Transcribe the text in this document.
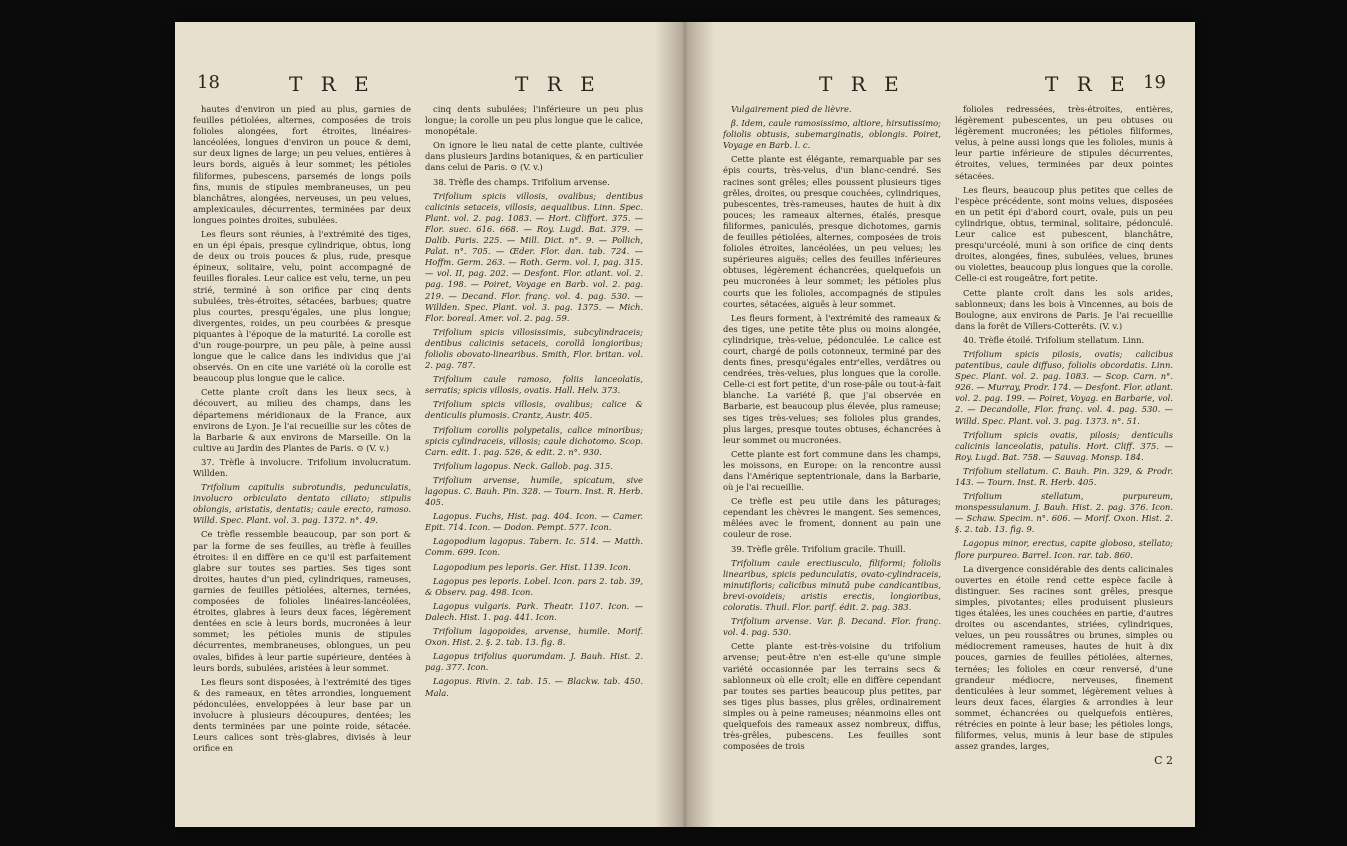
18	T R E	T R E

hautes d'environ un pied au plus, garnies de feuilles pétiolées, alternes, composées de trois folioles alongées, fort étroites, linéaires-lancéolées, longues d'environ un pouce & demi, sur deux lignes de large; un peu velues, entières à leurs bords, aiguës à leur sommet; les pétioles filiformes, pubescens, parsemés de longs poils fins, munis de stipules membraneuses, un peu blanchâtres, alongées, nerveuses, un peu velues, amplexicaules, décurrentes, terminées par deux longues pointes droites, subulées.

Les fleurs sont réunies, à l'extrémité des tiges, en un épi épais, presque cylindrique, obtus, long de deux ou trois pouces & plus, rude, presque épineux, solitaire, velu, point accompagné de feuilles florales. Leur calice est velu, terne, un peu strié, terminé à son orifice par cinq dents subulées, très-étroites, sétacées, barbues; quatre plus courtes, presqu'égales, une plus longue; divergentes, roides, un peu courbées & presque piquantes à l'époque de la maturité. La corolle est d'un rouge-pourpre, un peu pâle, à peine aussi longue que le calice dans les individus que j'ai observés. On en cite une variété où la corolle est beaucoup plus longue que le calice.

Cette plante croît dans les lieux secs, à découvert, au milieu des champs, dans les départemens méridionaux de la France, aux environs de Lyon. Je l'ai recueillie sur les côtes de la Barbarie & aux environs de Marseille. On la cultive au Jardin des Plantes de Paris. ⊙ (V. v.)

37. Trèfle à involucre. Trifolium involucratum. Willden.

Trifolium capitulis subrotundis, pedunculatis, involucro orbiculato dentato ciliato; stipulis oblongis, aristatis, dentatis; caule erecto, ramoso. Willd. Spec. Plant. vol. 3. pag. 1372. n°. 49.

Ce trèfle ressemble beaucoup, par son port & par la forme de ses feuilles, au trèfle à feuilles étroites: il en diffère en ce qu'il est parfaitement glabre sur toutes ses parties. Ses tiges sont droites, hautes d'un pied, cylindriques, rameuses, garnies de feuilles pétiolées, alternes, ternées, composées de folioles linéaires-lancéolées, étroites, glabres à leurs deux faces, légèrement dentées en scie à leurs bords, mucronées à leur sommet; les pétioles munis de stipules décurrentes, membraneuses, oblongues, un peu ovales, bifides à leur partie supérieure, dentées à leurs bords, subulées, aristées à leur sommet.

Les fleurs sont disposées, à l'extrémité des tiges & des rameaux, en têtes arrondies, longuement pédonculées, enveloppées à leur base par un involucre à plusieurs découpures, dentées; les dents terminées par une pointe roide, sétacée. Leurs calices sont très-glabres, divisés à leur orifice en

cinq dents subulées; l'inférieure un peu plus longue; la corolle un peu plus longue que le calice, monopétale.

On ignore le lieu natal de cette plante, cultivée dans plusieurs Jardins botaniques, & en particulier dans celui de Paris. ⊙ (V. v.)

38. Trèfle des champs. Trifolium arvense.

Trifolium spicis villosis, ovalibus; dentibus calicinis setaceis, villosis, aequalibus. Linn. Spec. Plant. vol. 2. pag. 1083. — Hort. Cliffort. 375. — Flor. suec. 616. 668. — Roy. Lugd. Bat. 379. — Dalib. Paris. 225. — Mill. Dict. n°. 9. — Pollich, Palat. n°. 705. — Œder. Flor. dan. tab. 724. — Hoffm. Germ. 263. — Roth. Germ. vol. I, pag. 315. — vol. II, pag. 202. — Desfont. Flor. atlant. vol. 2. pag. 198. — Poiret, Voyage en Barb. vol. 2. pag. 219. — Decand. Flor. franç. vol. 4. pag. 530. — Willden. Spec. Plant. vol. 3. pag. 1375. — Mich. Flor. boreal. Amer. vol. 2. pag. 59.

Trifolium spicis villosissimis, subcylindraceis; dentibus calicinis setaceis, corollâ longioribus; foliolis obovato-linearibus. Smith, Flor. britan. vol. 2. pag. 787.

Trifolium caule ramoso, foliis lanceolatis, serratis; spicis villosis, ovatis. Hall. Helv. 373.

Trifolium spicis villosis, ovalibus; calice & denticulis plumosis. Crantz, Austr. 405.

Trifolium corollis polypetalis, calice minoribus; spicis cylindraceis, villosis; caule dichotomo. Scop. Carn. edit. 1. pag. 526, & edit. 2. n°. 930.

Trifolium lagopus. Neck. Gallob. pag. 315.

Trifolium arvense, humile, spicatum, sive lagopus. C. Bauh. Pin. 328. — Tourn. Inst. R. Herb. 405.

Lagopus. Fuchs, Hist. pag. 404. Icon. — Camer. Epit. 714. Icon. — Dodon. Pempt. 577. Icon.

Lagopodium lagopus. Tabern. Ic. 514. — Matth. Comm. 699. Icon.

Lagopodium pes leporis. Ger. Hist. 1139. Icon.

Lagopus pes leporis. Lobel. Icon. pars 2. tab. 39, & Observ. pag. 498. Icon.

Lagopus vulgaris. Park. Theatr. 1107. Icon. — Dalech. Hist. 1. pag. 441. Icon.

Trifolium lagopoides, arvense, humile. Morif. Oxon. Hist. 2. §. 2. tab. 13. fig. 8.

Lagopus trifolius quorumdam. J. Bauh. Hist. 2. pag. 377. Icon.

Lagopus. Rivin. 2. tab. 15. — Blackw. tab. 450. Mala.

T R E	T R E 19

Vulgairement pied de lièvre.

β. Idem, caule ramosissimo, altiore, hirsutissimo; foliolis obtusis, subemarginatis, oblongis. Poiret, Voyage en Barb. l. c.

Cette plante est élégante, remarquable par ses épis courts, très-velus, d'un blanc-cendré. Ses racines sont grêles; elles poussent plusieurs tiges grêles, droites, ou presque couchées, cylindriques, pubescentes, très-rameuses, hautes de huit à dix pouces; les rameaux alternes, étalés, presque filiformes, paniculés, presque dichotomes, garnis de feuilles pétiolées, alternes, composées de trois folioles étroites, lancéolées, un peu velues; les supérieures aiguës; celles des feuilles inférieures obtuses, légèrement échancrées, quelquefois un peu mucronées à leur sommet; les pétioles plus courts que les folioles, accompagnés de stipules courtes, sétacées, aiguës à leur sommet.

Les fleurs forment, à l'extrémité des rameaux & des tiges, une petite tête plus ou moins alongée, cylindrique, très-velue, pédonculée. Le calice est court, chargé de poils cotonneux, terminé par des dents fines, presqu'égales entr'elles, verdâtres ou cendrées, très-velues, plus longues que la corolle. Celle-ci est fort petite, d'un rose-pâle ou tout-à-fait blanche. La variété β, que j'ai observée en Barbarie, est beaucoup plus élevée, plus rameuse; ses tiges très-velues; ses folioles plus grandes, plus larges, presque toutes obtuses, échancrées à leur sommet ou mucronées.

Cette plante est fort commune dans les champs, les moissons, en Europe: on la rencontre aussi dans l'Amérique septentrionale, dans la Barbarie, où je l'ai recueillie.

Ce trèfle est peu utile dans les pâturages; cependant les chèvres le mangent. Ses semences, mêlées avec le froment, donnent au pain une couleur de rose.

39. Trèfle grêle. Trifolium gracile. Thuill.

Trifolium caule erectiusculo, filiformi; foliolis linearibus, spicis pedunculatis, ovato-cylindraceis, minutifloris; calicibus minutâ pube candicantibus, brevi-ovoideis; aristis erectis, longioribus, coloratis. Thuil. Flor. parif. édit. 2. pag. 383.

Trifolium arvense. Var. β. Decand. Flor. franç. vol. 4. pag. 530.

Cette plante est-très-voisine du trifolium arvense; peut-être n'en est-elle qu'une simple variété occasionnée par les terrains secs & sablonneux où elle croît; elle en diffère cependant par toutes ses parties beaucoup plus petites, par ses tiges plus basses, plus grêles, ordinairement simples ou à peine rameuses; néanmoins elles ont quelquefois des rameaux assez nombreux, diffus, très-grêles, pubescens. Les feuilles sont composées de trois

folioles redressées, très-étroites, entières, légèrement pubescentes, un peu obtuses ou légèrement mucronées; les pétioles filiformes, velus, à peine aussi longs que les folioles, munis à leur partie inférieure de stipules décurrentes, étroites, velues, terminées par deux pointes sétacées.

Les fleurs, beaucoup plus petites que celles de l'espèce précédente, sont moins velues, disposées en un petit épi d'abord court, ovale, puis un peu cylindrique, obtus, terminal, solitaire, pédonculé. Leur calice est pubescent, blanchâtre, presqu'urcéolé, muni à son orifice de cinq dents droites, alongées, fines, subulées, velues, brunes ou violettes, beaucoup plus longues que la corolle. Celle-ci est rougeâtre, fort petite.

Cette plante croît dans les sols arides, sablonneux; dans les bois à Vincennes, au bois de Boulogne, aux environs de Paris. Je l'ai recueillie dans la forêt de Villers-Cotterêts. (V. v.)

40. Trèfle étoilé. Trifolium stellatum. Linn.

Trifolium spicis pilosis, ovatis; calicibus patentibus, caule diffuso, foliolis obcordatis. Linn. Spec. Plant. vol. 2. pag. 1083. — Scop. Carn. n°. 926. — Murray, Prodr. 174. — Desfont. Flor. atlant. vol. 2. pag. 199. — Poiret, Voyag. en Barbarie, vol. 2. — Decandolle, Flor. franç. vol. 4. pag. 530. — Willd. Spec. Plant. vol. 3. pag. 1373. n°. 51.

Trifolium spicis ovatis, pilosis; denticulis calicinis lanceolatis, patulis. Hort. Cliff. 375. — Roy. Lugd. Bat. 758. — Sauvag. Monsp. 184.

Trifolium stellatum. C. Bauh. Pin. 329, & Prodr. 143. — Tourn. Inst. R. Herb. 405.

Trifolium stellatum, purpureum, monspessulanum. J. Bauh. Hist. 2. pag. 376. Icon. — Schaw. Specim. n°. 606. — Morif. Oxon. Hist. 2. §. 2. tab. 13. fig. 9.

Lagopus minor, erectus, capite globoso, stellato; flore purpureo. Barrel. Icon. rar. tab. 860.

La divergence considérable des dents calicinales ouvertes en étoile rend cette espèce facile à distinguer. Ses racines sont grêles, presque simples, pivotantes; elles produisent plusieurs tiges étalées, les unes couchées en partie, d'autres droites ou ascendantes, striées, cylindriques, velues, un peu roussâtres ou brunes, simples ou médiocrement rameuses, hautes de huit à dix pouces, garnies de feuilles pétiolées, alternes, ternées; les folioles en cœur renversé, d'une grandeur médiocre, nerveuses, finement denticulées à leur sommet, légèrement velues à leurs deux faces, élargies & arrondies à leur sommet, échancrées ou quelquefois entières, rétrécies en pointe à leur base; les pétioles longs, filiformes, velus, munis à leur base de stipules assez grandes, larges,

C 2
